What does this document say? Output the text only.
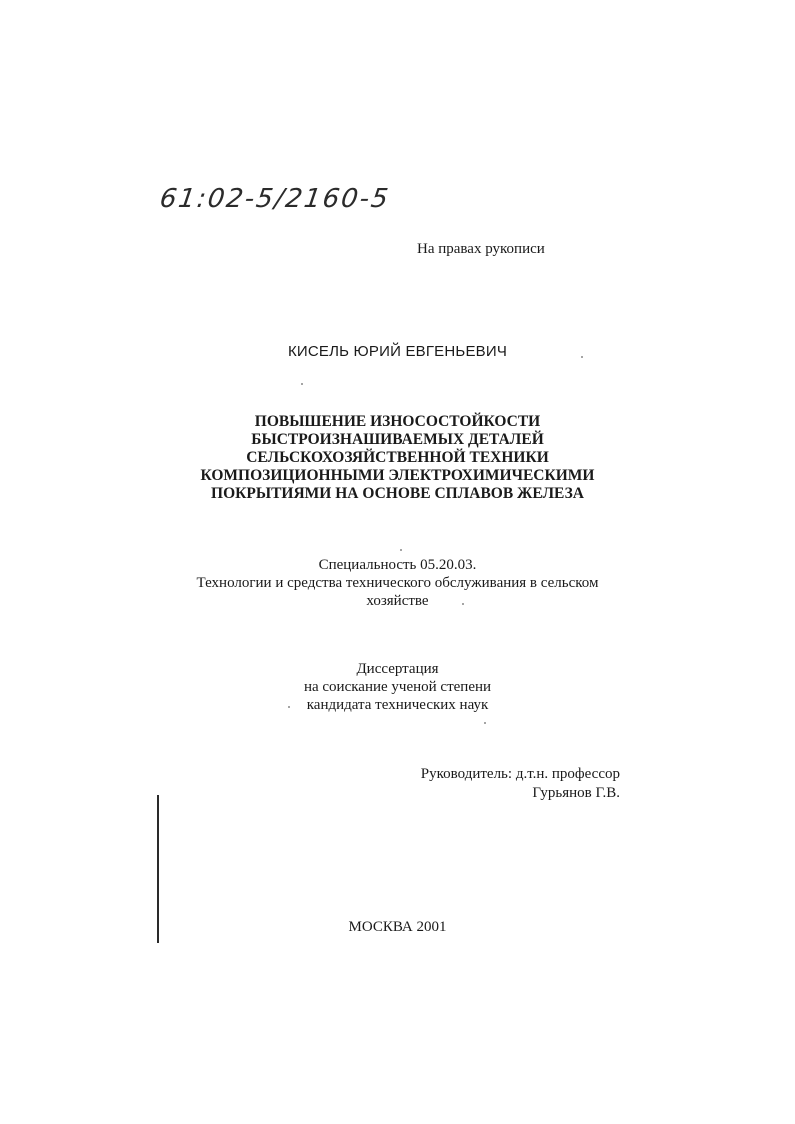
61:02-5/2160-5
На правах рукописи
КИСЕЛЬ ЮРИЙ ЕВГЕНЬЕВИЧ
ПОВЫШЕНИЕ ИЗНОСОСТОЙКОСТИ
БЫСТРОИЗНАШИВАЕМЫХ ДЕТАЛЕЙ
СЕЛЬСКОХОЗЯЙСТВЕННОЙ ТЕХНИКИ
КОМПОЗИЦИОННЫМИ ЭЛЕКТРОХИМИЧЕСКИМИ
ПОКРЫТИЯМИ НА ОСНОВЕ СПЛАВОВ ЖЕЛЕЗА
Специальность 05.20.03.
Технологии и средства технического обслуживания в сельском
хозяйстве
Диссертация
на соискание ученой степени
кандидата технических наук
Руководитель: д.т.н. профессор
Гурьянов Г.В.
МОСКВА 2001
